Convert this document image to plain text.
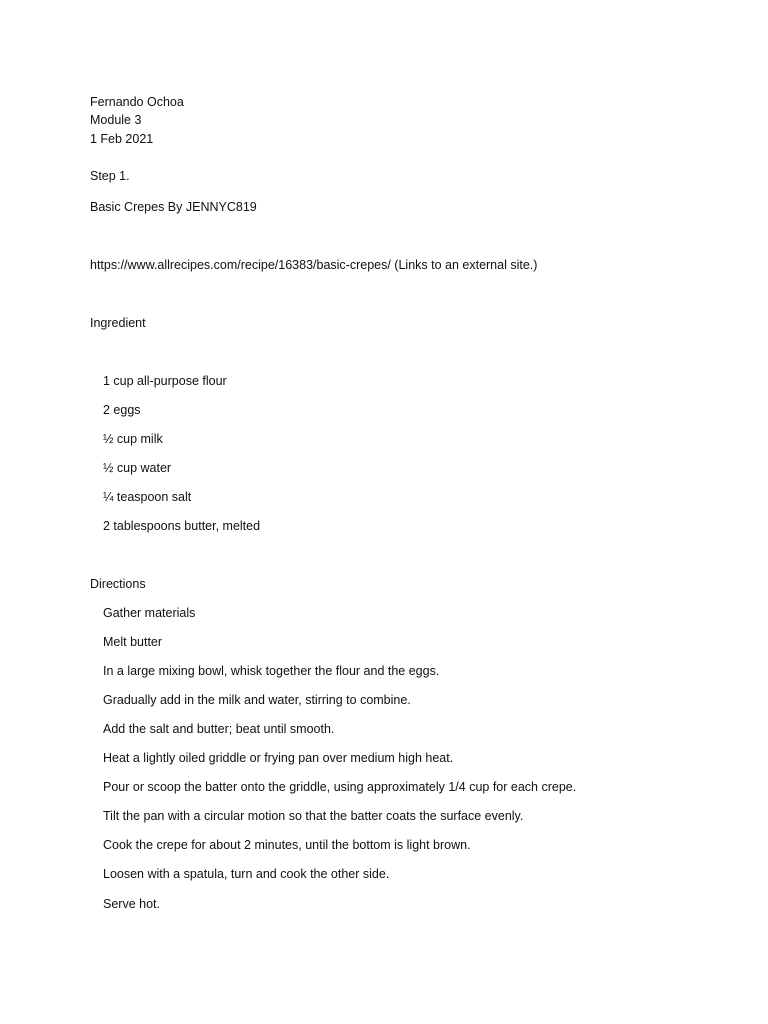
Fernando Ochoa
Module 3
1 Feb 2021
Step 1.
Basic Crepes By JENNYC819
https://www.allrecipes.com/recipe/16383/basic-crepes/ (Links to an external site.)
Ingredient
1 cup all-purpose flour
2 eggs
½ cup milk
½ cup water
¼ teaspoon salt
2 tablespoons butter, melted
Directions
Gather materials
Melt butter
In a large mixing bowl, whisk together the flour and the eggs.
Gradually add in the milk and water, stirring to combine.
Add the salt and butter; beat until smooth.
Heat a lightly oiled griddle or frying pan over medium high heat.
Pour or scoop the batter onto the griddle, using approximately 1/4 cup for each crepe.
Tilt the pan with a circular motion so that the batter coats the surface evenly.
Cook the crepe for about 2 minutes, until the bottom is light brown.
Loosen with a spatula, turn and cook the other side.
Serve hot.
